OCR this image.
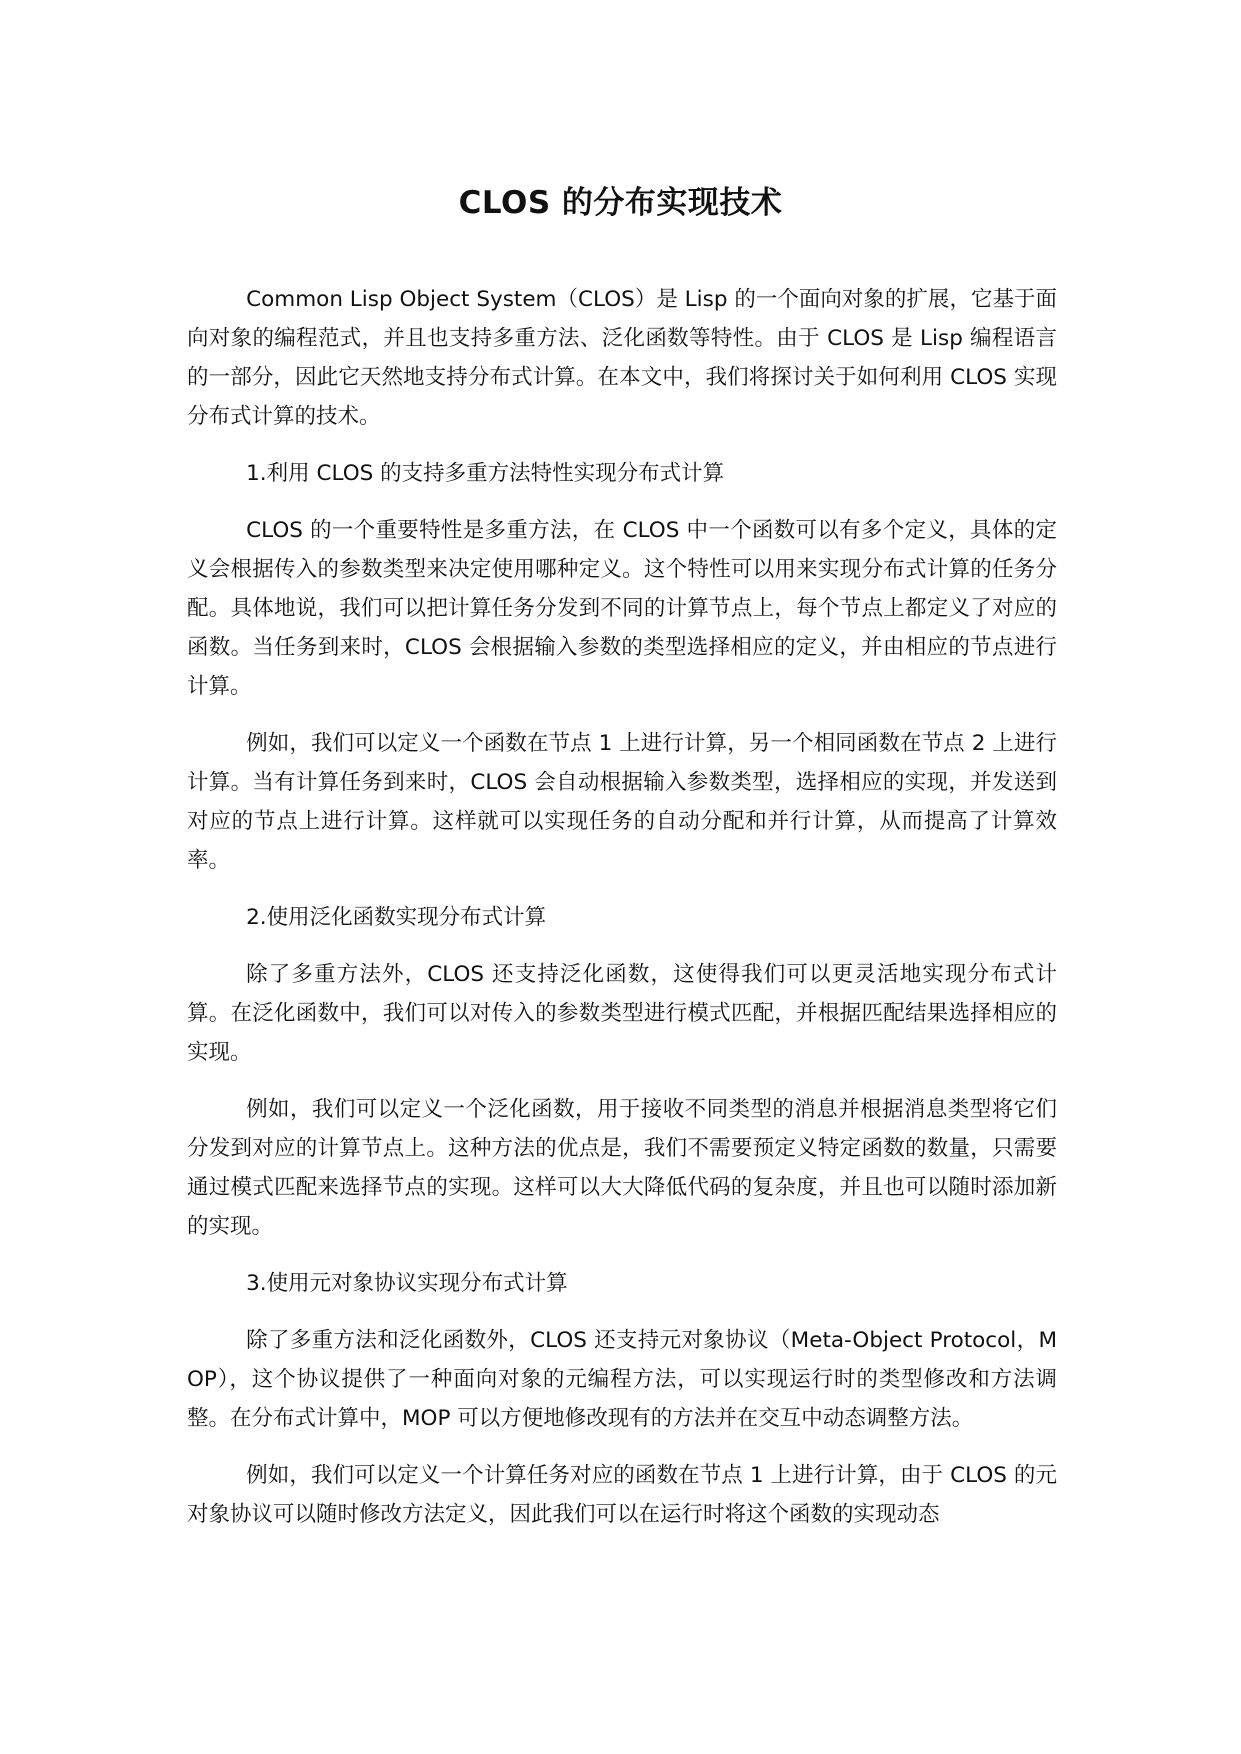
CLOS 的分布实现技术

Common Lisp Object System（CLOS）是 Lisp 的一个面向对象的扩展，它基于面向对象的编程范式，并且也支持多重方法、泛化函数等特性。由于 CLOS 是 Lisp 编程语言的一部分，因此它天然地支持分布式计算。在本文中，我们将探讨关于如何利用 CLOS 实现分布式计算的技术。

1.利用 CLOS 的支持多重方法特性实现分布式计算

CLOS 的一个重要特性是多重方法，在 CLOS 中一个函数可以有多个定义，具体的定义会根据传入的参数类型来决定使用哪种定义。这个特性可以用来实现分布式计算的任务分配。具体地说，我们可以把计算任务分发到不同的计算节点上，每个节点上都定义了对应的函数。当任务到来时，CLOS 会根据输入参数的类型选择相应的定义，并由相应的节点进行计算。

例如，我们可以定义一个函数在节点 1 上进行计算，另一个相同函数在节点 2 上进行计算。当有计算任务到来时，CLOS 会自动根据输入参数类型，选择相应的实现，并发送到对应的节点上进行计算。这样就可以实现任务的自动分配和并行计算，从而提高了计算效率。

2.使用泛化函数实现分布式计算

除了多重方法外，CLOS 还支持泛化函数，这使得我们可以更灵活地实现分布式计算。在泛化函数中，我们可以对传入的参数类型进行模式匹配，并根据匹配结果选择相应的实现。

例如，我们可以定义一个泛化函数，用于接收不同类型的消息并根据消息类型将它们分发到对应的计算节点上。这种方法的优点是，我们不需要预定义特定函数的数量，只需要通过模式匹配来选择节点的实现。这样可以大大降低代码的复杂度，并且也可以随时添加新的实现。

3.使用元对象协议实现分布式计算

除了多重方法和泛化函数外，CLOS 还支持元对象协议（Meta-Object Protocol，MOP），这个协议提供了一种面向对象的元编程方法，可以实现运行时的类型修改和方法调整。在分布式计算中，MOP 可以方便地修改现有的方法并在交互中动态调整方法。

例如，我们可以定义一个计算任务对应的函数在节点 1 上进行计算，由于 CLOS 的元对象协议可以随时修改方法定义，因此我们可以在运行时将这个函数的实现动态
